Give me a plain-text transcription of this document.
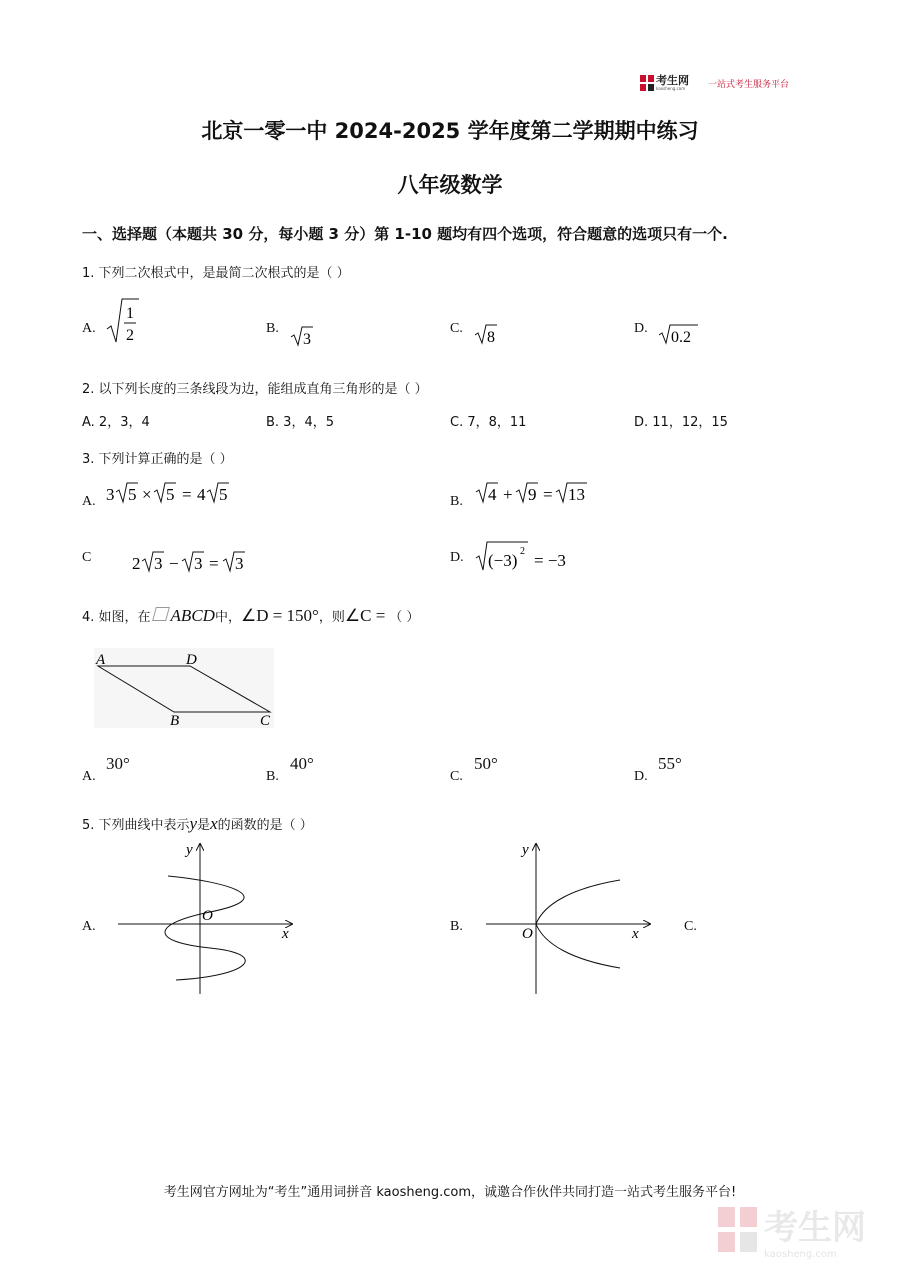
考生网
kaosheng.com	一站式考生服务平台
北京一零一中 2024-2025 学年度第二学期期中练习
八年级数学
一、选择题（本题共 30 分，每小题 3 分）第 1-10 题均有四个选项，符合题意的选项只有一个.
1. 下列二次根式中，是最简二次根式的是（ ）
A.
1
2	B.
3
C.
8
D.
0.2
2. 以下列长度的三条线段为边，能组成直角三角形的是（ ）
A. 2，3，4	B. 3，4，5	C. 7，8，11	D. 11，12，15
3. 下列计算正确的是（ ）
A. 3 5 × 5 = 4 5	B. 4 + 9 = 13
C 2 3 − 3 = 3	D. (−3) 2 = −3
4. 如图，在 ABCD 中， ∠D = 150° ，则 ∠C = （ ）
A	D
B	C
A.
30°
B.
40°
C.
50°
D.
55°
5. 下列曲线中表示 y 是 x 的函数的是（ ）
A.
y
x
O
B.
y
x
O	C.
考生网官方网址为“考生”通用词拼音 kaosheng.com，诚邀合作伙伴共同打造一站式考生服务平台!
考生网
kaosheng.com
